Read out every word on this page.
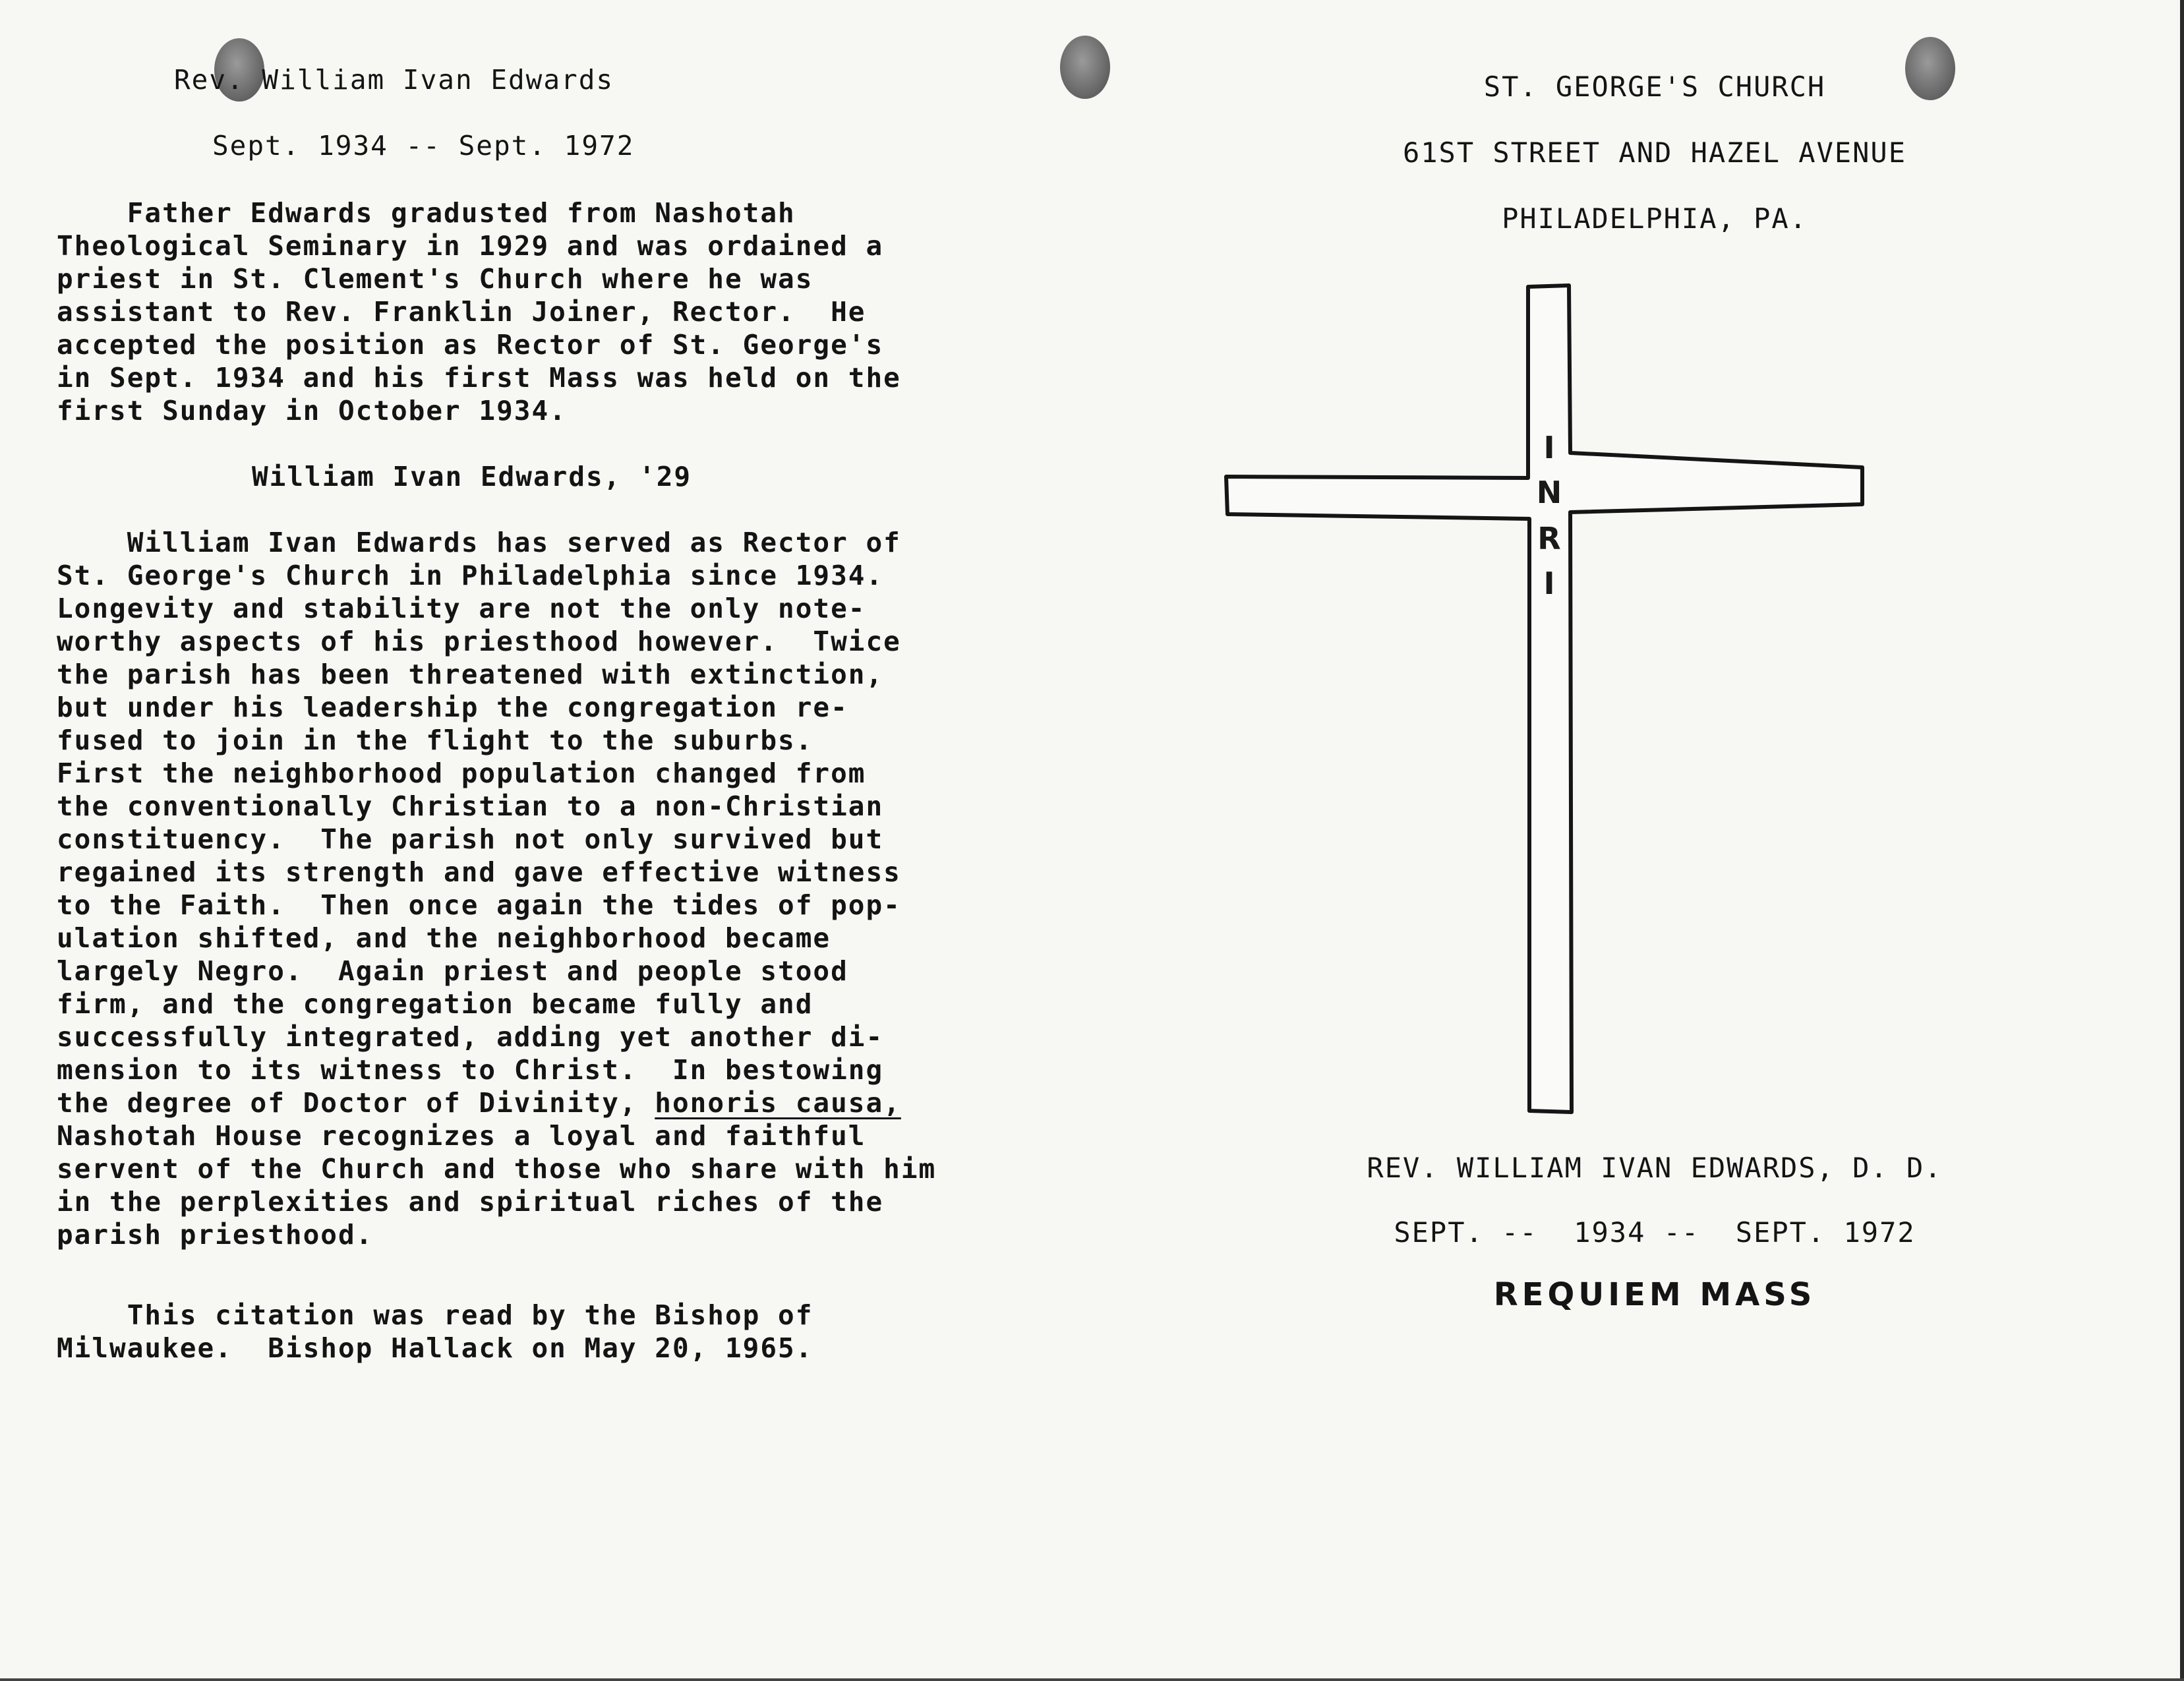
Rev. William Ivan Edwards
Sept. 1934 -- Sept. 1972
Father Edwards gradusted from Nashotah
Theological Seminary in 1929 and was ordained a
priest in St. Clement's Church where he was
assistant to Rev. Franklin Joiner, Rector.  He
accepted the position as Rector of St. George's
in Sept. 1934 and his first Mass was held on the
first Sunday in October 1934.
William Ivan Edwards, '29
William Ivan Edwards has served as Rector of
St. George's Church in Philadelphia since 1934.
Longevity and stability are not the only note-
worthy aspects of his priesthood however.  Twice
the parish has been threatened with extinction,
but under his leadership the congregation re-
fused to join in the flight to the suburbs.
First the neighborhood population changed from
the conventionally Christian to a non-Christian
constituency.  The parish not only survived but
regained its strength and gave effective witness
to the Faith.  Then once again the tides of pop-
ulation shifted, and the neighborhood became
largely Negro.  Again priest and people stood
firm, and the congregation became fully and
successfully integrated, adding yet another di-
mension to its witness to Christ.  In bestowing
the degree of Doctor of Divinity, honoris causa,
Nashotah House recognizes a loyal and faithful
servent of the Church and those who share with him
in the perplexities and spiritual riches of the
parish priesthood.
This citation was read by the Bishop of
Milwaukee.  Bishop Hallack on May 20, 1965.
ST. GEORGE'S CHURCH
61ST STREET AND HAZEL AVENUE
PHILADELPHIA, PA.
REV. WILLIAM IVAN EDWARDS, D. D.
SEPT. --  1934 --  SEPT. 1972
REQUIEM MASS
I
N
R
I
